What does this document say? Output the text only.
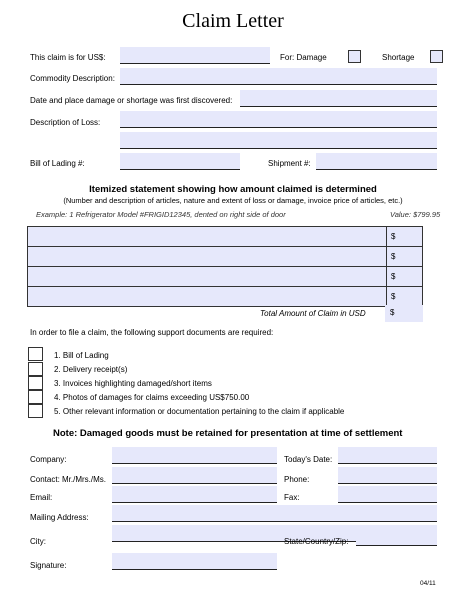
Claim Letter
This claim is for US$:	For: Damage	Shortage
Commodity Description:
Date and place damage or shortage was first discovered:
Description of Loss:
Bill of Lading #:	Shipment #:
Itemized statement showing how amount claimed is determined
(Number and description of articles, nature and extent of loss or damage, invoice price of articles, etc.)
Example: 1 Refrigerator Model #FRIGID12345, dented on right side of door	Value: $799.95
	$
	$
	$
	$
Total Amount of Claim in USD	$
In order to file a claim, the following support documents are required:
1. Bill of Lading
2. Delivery receipt(s)
3. Invoices highlighting damaged/short items
4. Photos of damages for claims exceeding US$750.00
5. Other relevant information or documentation pertaining to the claim if applicable
Note: Damaged goods must be retained for presentation at time of settlement
Company:	Today's Date:
Contact: Mr./Mrs./Ms.	Phone:
Email:	Fax:
Mailing Address:
City:	State/Country/Zip:
Signature:
04/11
